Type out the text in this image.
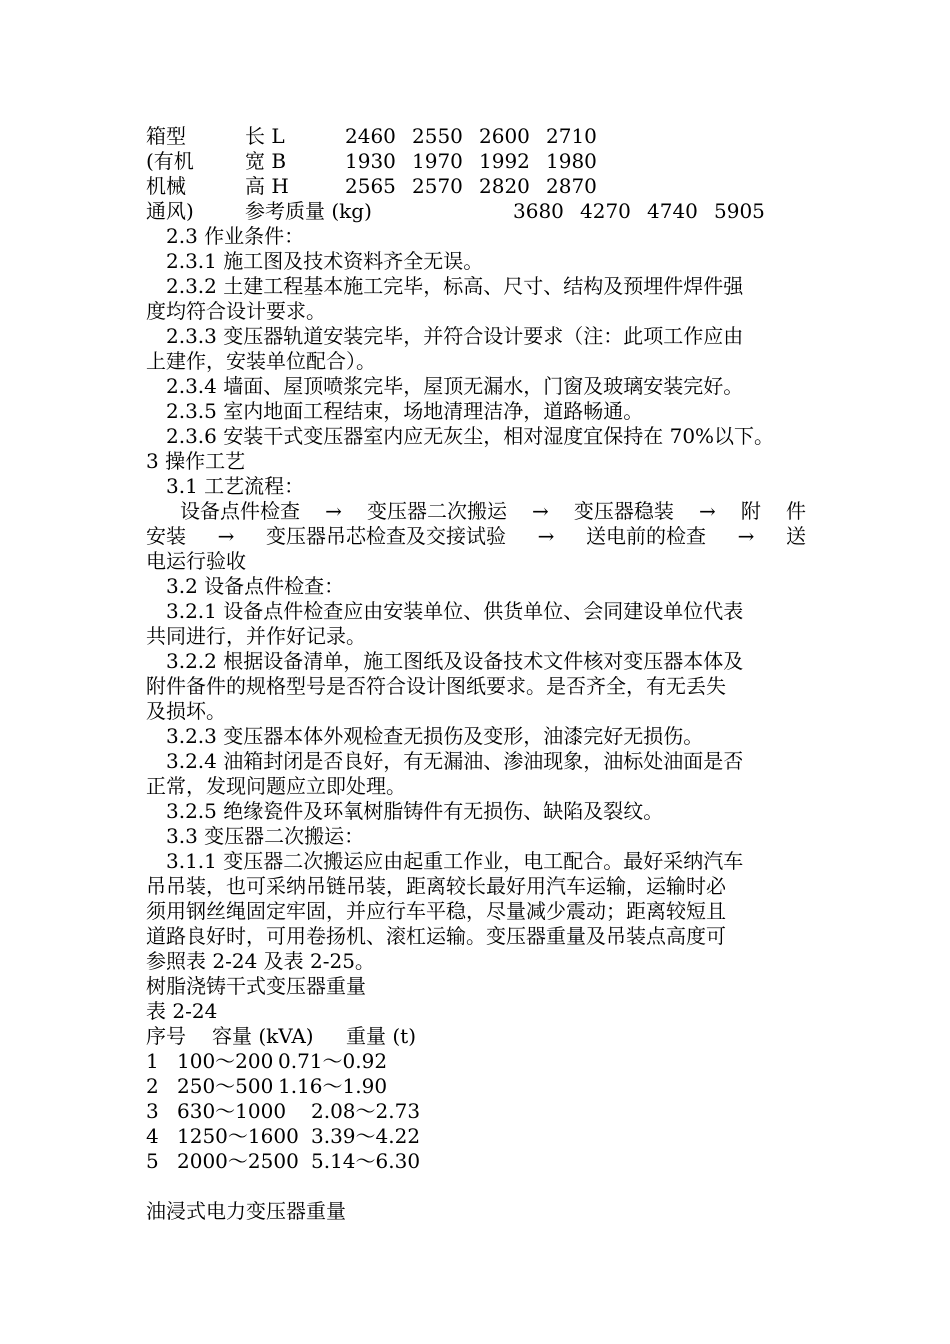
箱型	长 L	2460 2550 2600 2710
(有机	宽 B	1930 1970 1992 1980
机械	高 H	2565 2570 2820 2870
通风)	参考质量 (kg)	3680 4270 4740 5905
2.3 作业条件：
2.3.1 施工图及技术资料齐全无误。
2.3.2 土建工程基本施工完毕，标高、尺寸、结构及预埋件焊件强
度均符合设计要求。
2.3.3 变压器轨道安装完毕，并符合设计要求（注：此项工作应由
上建作，安装单位配合）。
2.3.4 墙面、屋顶喷浆完毕，屋顶无漏水，门窗及玻璃安装完好。
2.3.5 室内地面工程结束，场地清理洁净，道路畅通。
2.3.6 安装干式变压器室内应无灰尘，相对湿度宜保持在 70%以下。
3 操作工艺
3.1 工艺流程：
设备点件检查 → 变压器二次搬运 → 变压器稳装 → 附 件
安装 → 变压器吊芯检查及交接试验 → 送电前的检查 → 送
电运行验收
3.2 设备点件检查：
3.2.1 设备点件检查应由安装单位、供货单位、会同建设单位代表
共同进行，并作好记录。
3.2.2 根据设备清单，施工图纸及设备技术文件核对变压器本体及
附件备件的规格型号是否符合设计图纸要求。是否齐全，有无丢失
及损坏。
3.2.3 变压器本体外观检查无损伤及变形，油漆完好无损伤。
3.2.4 油箱封闭是否良好，有无漏油、渗油现象，油标处油面是否
正常，发现问题应立即处理。
3.2.5 绝缘瓷件及环氧树脂铸件有无损伤、缺陷及裂纹。
3.3 变压器二次搬运：
3.1.1 变压器二次搬运应由起重工作业，电工配合。最好采纳汽车
吊吊装，也可采纳吊链吊装，距离较长最好用汽车运输，运输时必
须用钢丝绳固定牢固，并应行车平稳，尽量减少震动；距离较短且
道路良好时，可用卷扬机、滚杠运输。变压器重量及吊装点高度可
参照表 2-24 及表 2-25。
树脂浇铸干式变压器重量
表 2-24
序号 容量 (kVA) 重量 (t)
1 100～200 0.71～0.92
2 250～500 1.16～1.90
3 630～1000 2.08～2.73
4 1250～1600 3.39～4.22
5 2000～2500 5.14～6.30
油浸式电力变压器重量
